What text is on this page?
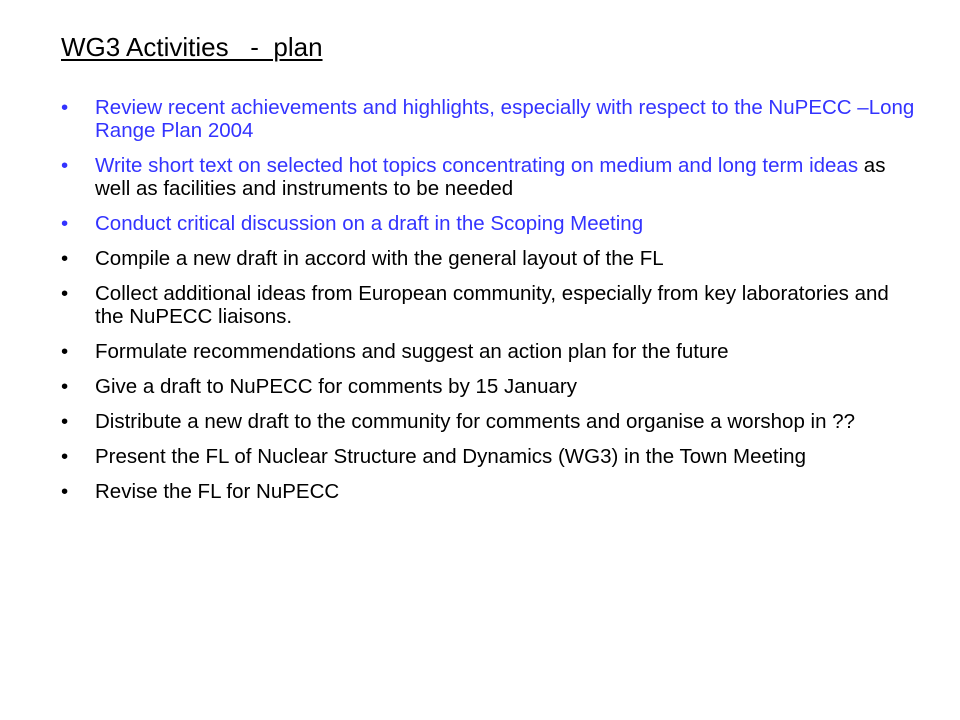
WG3 Activities   -  plan
• Review recent achievements and highlights, especially with respect to the NuPECC –Long Range Plan 2004
• Write short text on selected hot topics concentrating on medium and long term ideas as well as facilities and instruments to be needed
• Conduct critical discussion on a draft in the Scoping Meeting
• Compile a new draft in accord with the general layout of the FL
• Collect additional ideas from European community, especially from key laboratories and the NuPECC liaisons.
• Formulate recommendations and suggest an action plan for the future
• Give a draft to NuPECC for comments by 15 January
• Distribute a new draft to the community for comments and organise a worshop in ??
• Present the FL of Nuclear Structure and Dynamics (WG3) in the Town Meeting
• Revise the FL for NuPECC
